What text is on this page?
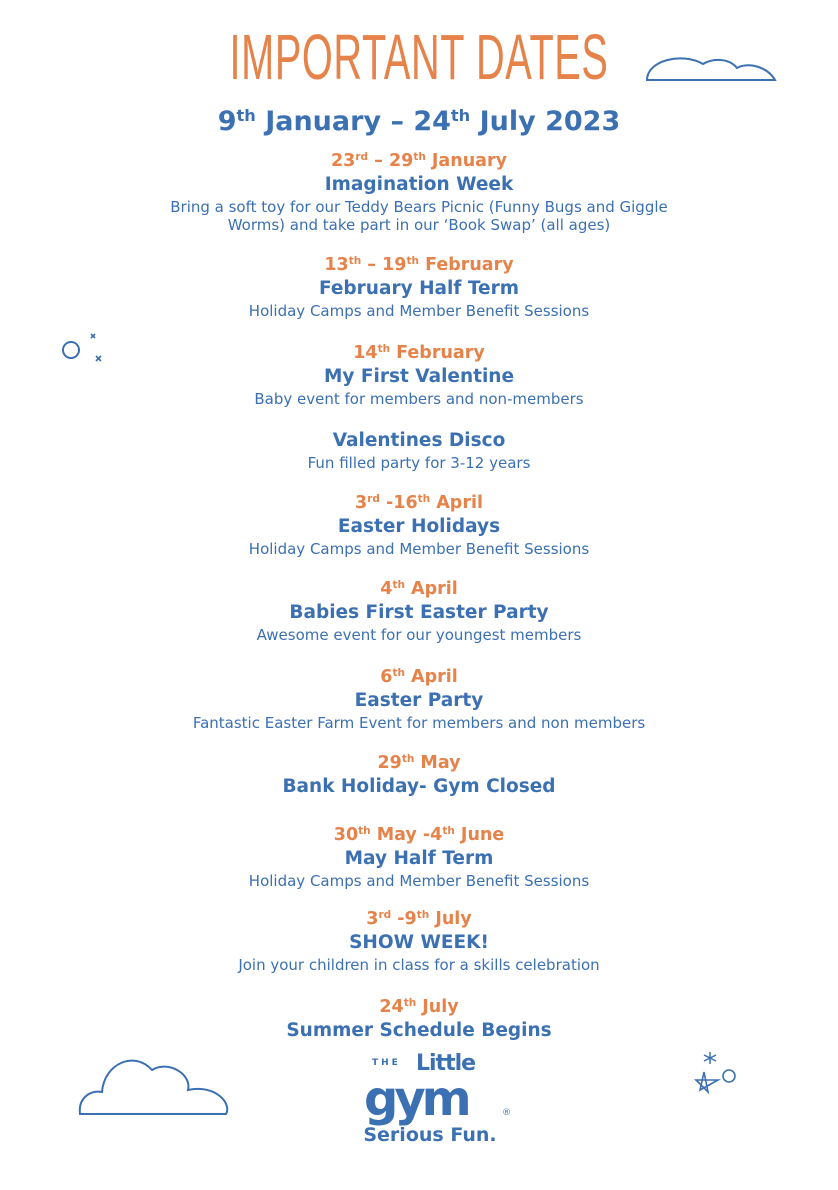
IMPORTANT DATES
9th January – 24th July 2023
23rd – 29th January
Imagination Week
Bring a soft toy for our Teddy Bears Picnic (Funny Bugs and Giggle
Worms) and take part in our ‘Book Swap’ (all ages)
13th – 19th February
February Half Term
Holiday Camps and Member Benefit Sessions
14th February
My First Valentine
Baby event for members and non-members
Valentines Disco
Fun filled party for 3-12 years
3rd -16th April
Easter Holidays
Holiday Camps and Member Benefit Sessions
4th April
Babies First Easter Party
Awesome event for our youngest members
6th April
Easter Party
Fantastic Easter Farm Event for members and non members
29th May
Bank Holiday- Gym Closed
30th May -4th June
May Half Term
Holiday Camps and Member Benefit Sessions
3rd -9th July
SHOW WEEK!
Join your children in class for a skills celebration
24th July
Summer Schedule Begins
THE Little
gym	®
Serious Fun.
